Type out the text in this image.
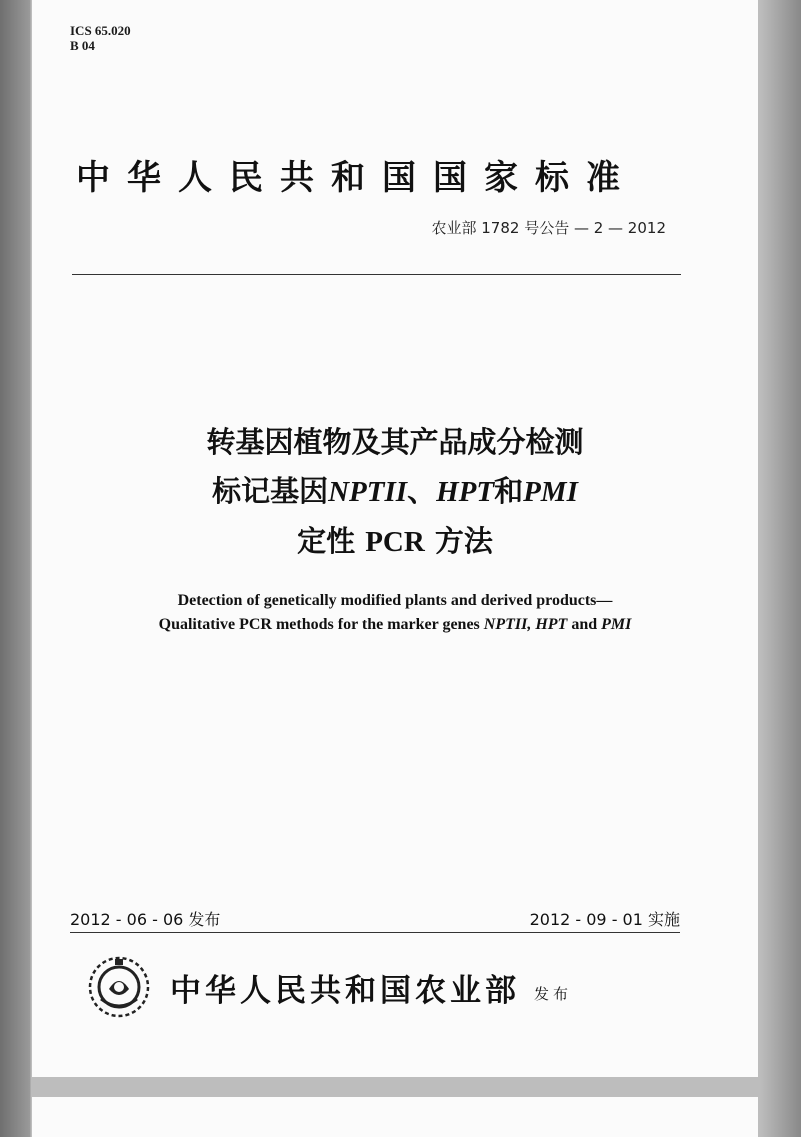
ICS 65.020
B 04
中华人民共和国国家标准
农业部 1782 号公告 — 2 — 2012
转基因植物及其产品成分检测
标记基因NPTII、HPT和PMI
定性 PCR 方法
Detection of genetically modified plants and derived products—
Qualitative PCR methods for the marker genes NPTII, HPT and PMI
2012 - 06 - 06 发布	2012 - 09 - 01 实施
中华人民共和国农业部 发布
